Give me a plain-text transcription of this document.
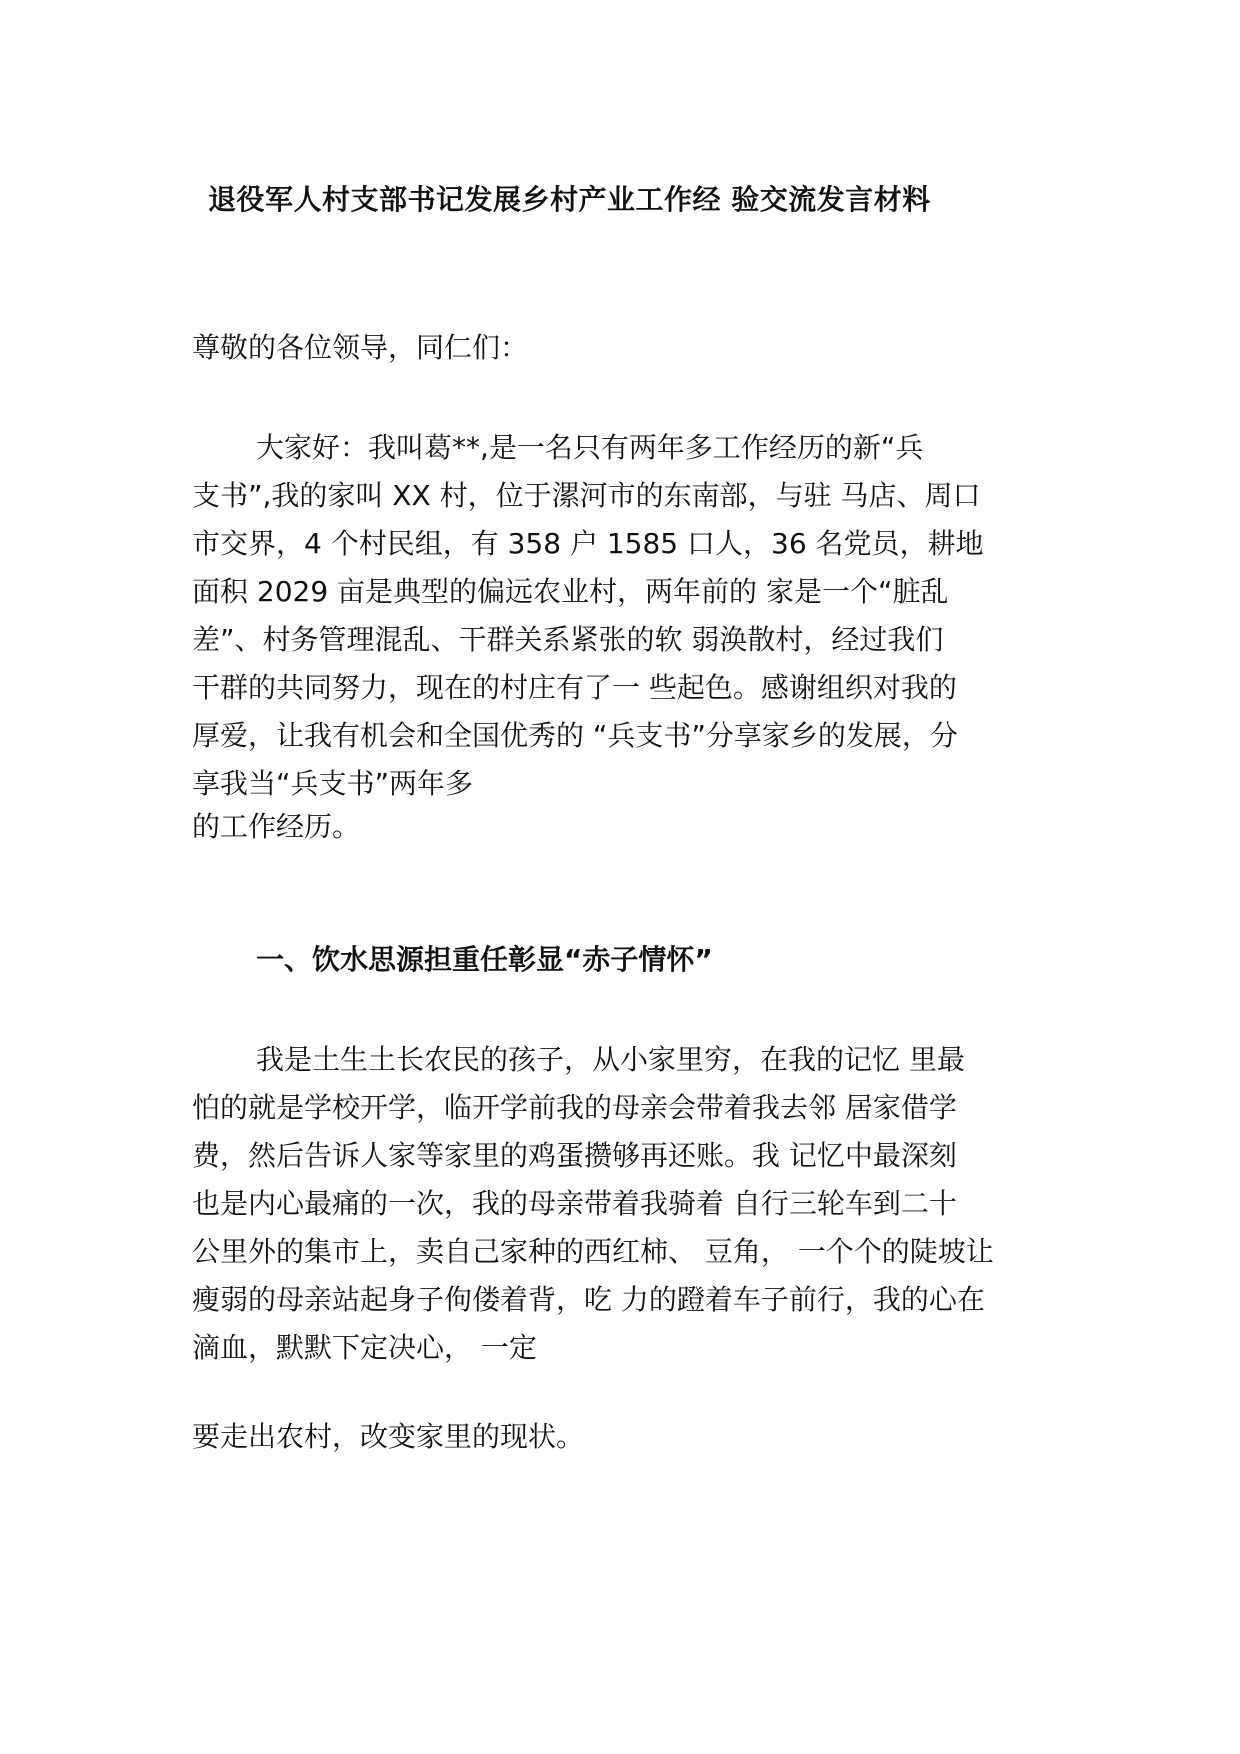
退役军人村支部书记发展乡村产业工作经 验交流发言材料
尊敬的各位领导，同仁们：
大家好：我叫葛**,是一名只有两年多工作经历的新“兵
支书”,我的家叫 XX 村，位于漯河市的东南部，与驻 马店、周口
市交界，4 个村民组，有 358 户 1585 口人，36 名党员，耕地
面积 2029 亩是典型的偏远农业村，两年前的 家是一个“脏乱
差”、村务管理混乱、干群关系紧张的软 弱涣散村，经过我们
干群的共同努力，现在的村庄有了一 些起色。感谢组织对我的
厚爱，让我有机会和全国优秀的 “兵支书”分享家乡的发展，分
享我当“兵支书”两年多
的工作经历。
一、饮水思源担重任彰显“赤子情怀”
我是土生土长农民的孩子，从小家里穷，在我的记忆 里最
怕的就是学校开学，临开学前我的母亲会带着我去邻 居家借学
费，然后告诉人家等家里的鸡蛋攒够再还账。我 记忆中最深刻
也是内心最痛的一次，我的母亲带着我骑着 自行三轮车到二十
公里外的集市上，卖自己家种的西红柿、 豆角， 一个个的陡坡让
瘦弱的母亲站起身子佝偻着背，吃 力的蹬着车子前行，我的心在
滴血，默默下定决心， 一定
要走出农村，改变家里的现状。
